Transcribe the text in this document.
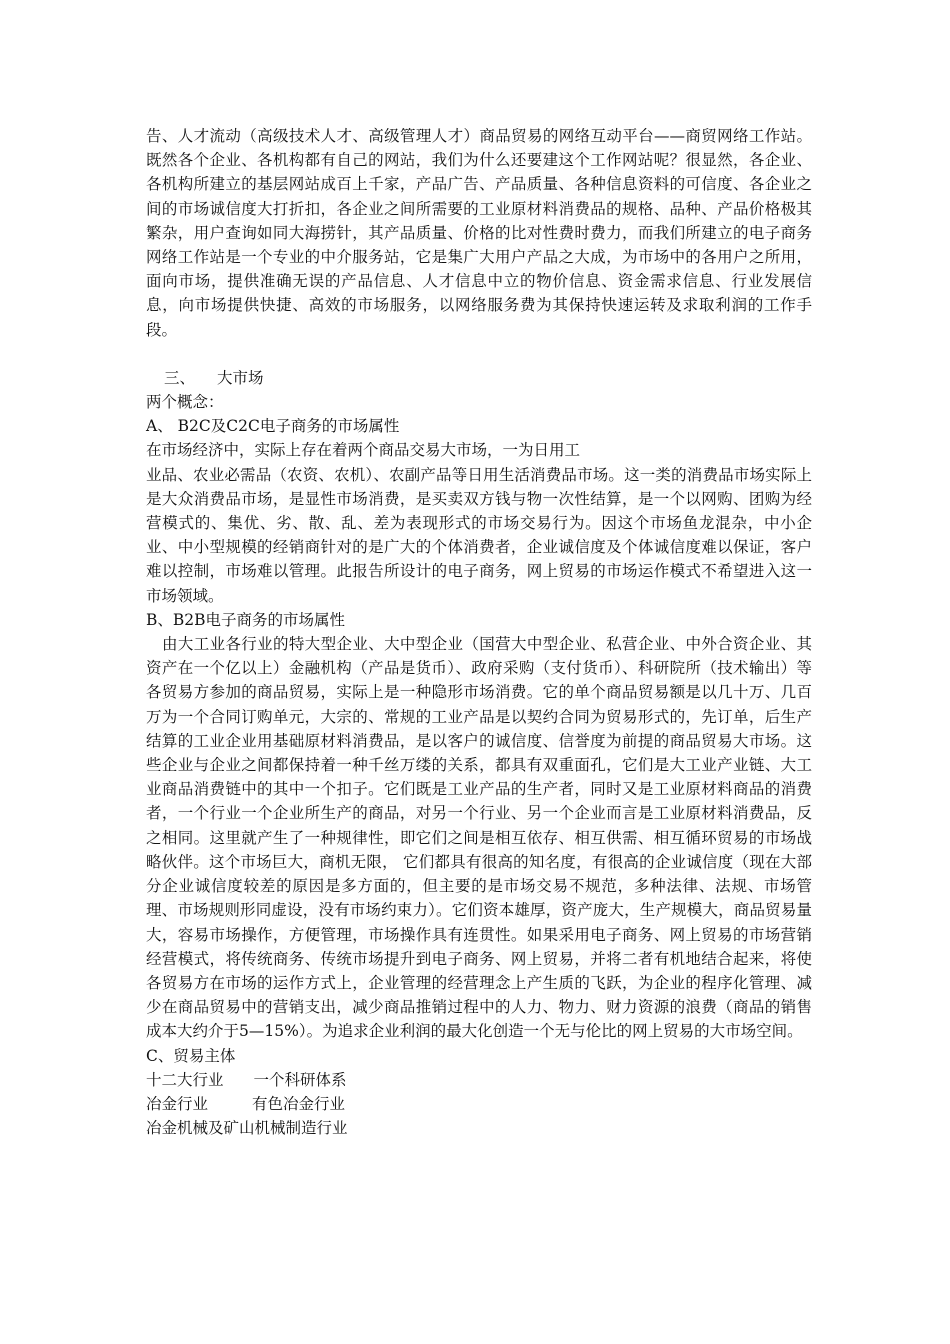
告、人才流动（高级技术人才、高级管理人才）商品贸易的网络互动平台——商贸网络工作站。既然各个企业、各机构都有自己的网站，我们为什么还要建这个工作网站呢？很显然，各企业、各机构所建立的基层网站成百上千家，产品广告、产品质量、各种信息资料的可信度、各企业之间的市场诚信度大打折扣，各企业之间所需要的工业原材料消费品的规格、品种、产品价格极其繁杂，用户查询如同大海捞针，其产品质量、价格的比对性费时费力，而我们所建立的电子商务网络工作站是一个专业的中介服务站，它是集广大用户产品之大成，为市场中的各用户之所用，面向市场，提供准确无误的产品信息、人才信息中立的物价信息、资金需求信息、行业发展信息，向市场提供快捷、高效的市场服务，以网络服务费为其保持快速运转及求取利润的工作手段。

三、 大市场

两个概念：

A、 B2C及C2C电子商务的市场属性

在市场经济中，实际上存在着两个商品交易大市场，一为日用工

业品、农业必需品（农资、农机）、农副产品等日用生活消费品市场。这一类的消费品市场实际上是大众消费品市场，是显性市场消费，是买卖双方钱与物一次性结算，是一个以网购、团购为经营模式的、集优、劣、散、乱、差为表现形式的市场交易行为。因这个市场鱼龙混杂，中小企业、中小型规模的经销商针对的是广大的个体消费者，企业诚信度及个体诚信度难以保证，客户难以控制，市场难以管理。此报告所设计的电子商务，网上贸易的市场运作模式不希望进入这一市场领域。

B、B2B电子商务的市场属性

由大工业各行业的特大型企业、大中型企业（国营大中型企业、私营企业、中外合资企业、其资产在一个亿以上）金融机构（产品是货币）、政府采购（支付货币）、科研院所（技术输出）等各贸易方参加的商品贸易，实际上是一种隐形市场消费。它的单个商品贸易额是以几十万、几百万为一个合同订购单元，大宗的、常规的工业产品是以契约合同为贸易形式的，先订单，后生产结算的工业企业用基础原材料消费品，是以客户的诚信度、信誉度为前提的商品贸易大市场。这些企业与企业之间都保持着一种千丝万缕的关系，都具有双重面孔，它们是大工业产业链、大工业商品消费链中的其中一个扣子。它们既是工业产品的生产者，同时又是工业原材料商品的消费者，一个行业一个企业所生产的商品，对另一个行业、另一个企业而言是工业原材料消费品，反之相同。这里就产生了一种规律性，即它们之间是相互依存、相互供需、相互循环贸易的市场战略伙伴。这个市场巨大，商机无限， 它们都具有很高的知名度，有很高的企业诚信度（现在大部分企业诚信度较差的原因是多方面的，但主要的是市场交易不规范，多种法律、法规、市场管理、市场规则形同虚设，没有市场约束力）。它们资本雄厚，资产庞大，生产规模大，商品贸易量大，容易市场操作，方便管理，市场操作具有连贯性。如果采用电子商务、网上贸易的市场营销经营模式，将传统商务、传统市场提升到电子商务、网上贸易，并将二者有机地结合起来，将使各贸易方在市场的运作方式上，企业管理的经营理念上产生质的飞跃，为企业的程序化管理、减少在商品贸易中的营销支出，减少商品推销过程中的人力、物力、财力资源的浪费（商品的销售成本大约介于5—15%）。为追求企业利润的最大化创造一个无与伦比的网上贸易的大市场空间。

C、贸易主体

十二大行业 一个科研体系

冶金行业	有色冶金行业

冶金机械及矿山机械制造行业
